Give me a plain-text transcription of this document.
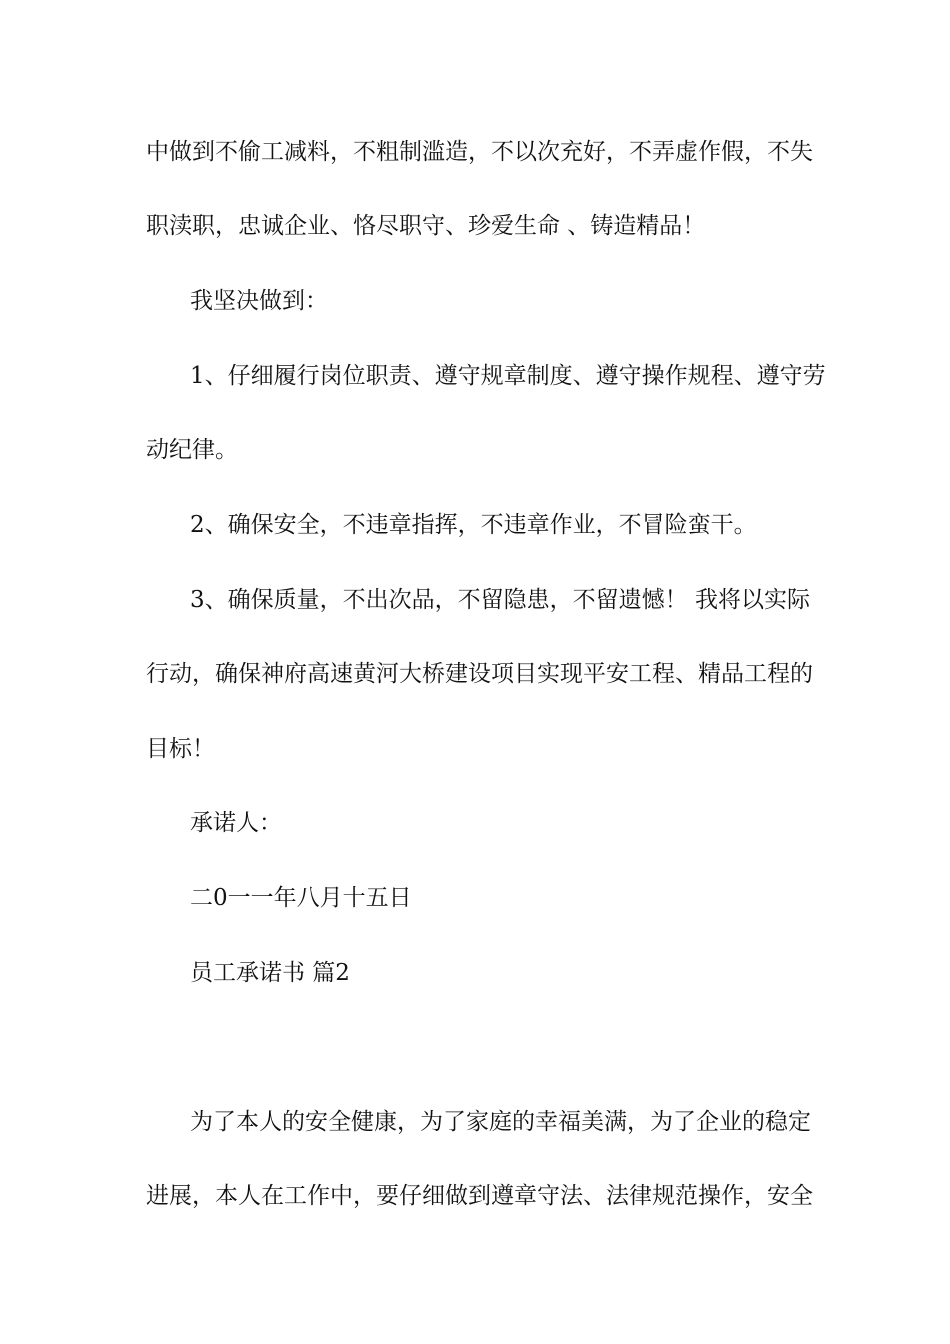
中做到不偷工减料，不粗制滥造，不以次充好，不弄虚作假，不失
职渎职，忠诚企业、恪尽职守、珍爱生命 、铸造精品！
我坚决做到：
1、仔细履行岗位职责、遵守规章制度、遵守操作规程、遵守劳
动纪律。
2、确保安全，不违章指挥，不违章作业，不冒险蛮干。
3、确保质量，不出次品，不留隐患，不留遗憾！ 我将以实际
行动，确保神府高速黄河大桥建设项目实现平安工程、精品工程的
目标！
承诺人：
二0一一年八月十五日
员工承诺书 篇2
为了本人的安全健康，为了家庭的幸福美满，为了企业的稳定
进展，本人在工作中，要仔细做到遵章守法、法律规范操作，安全
